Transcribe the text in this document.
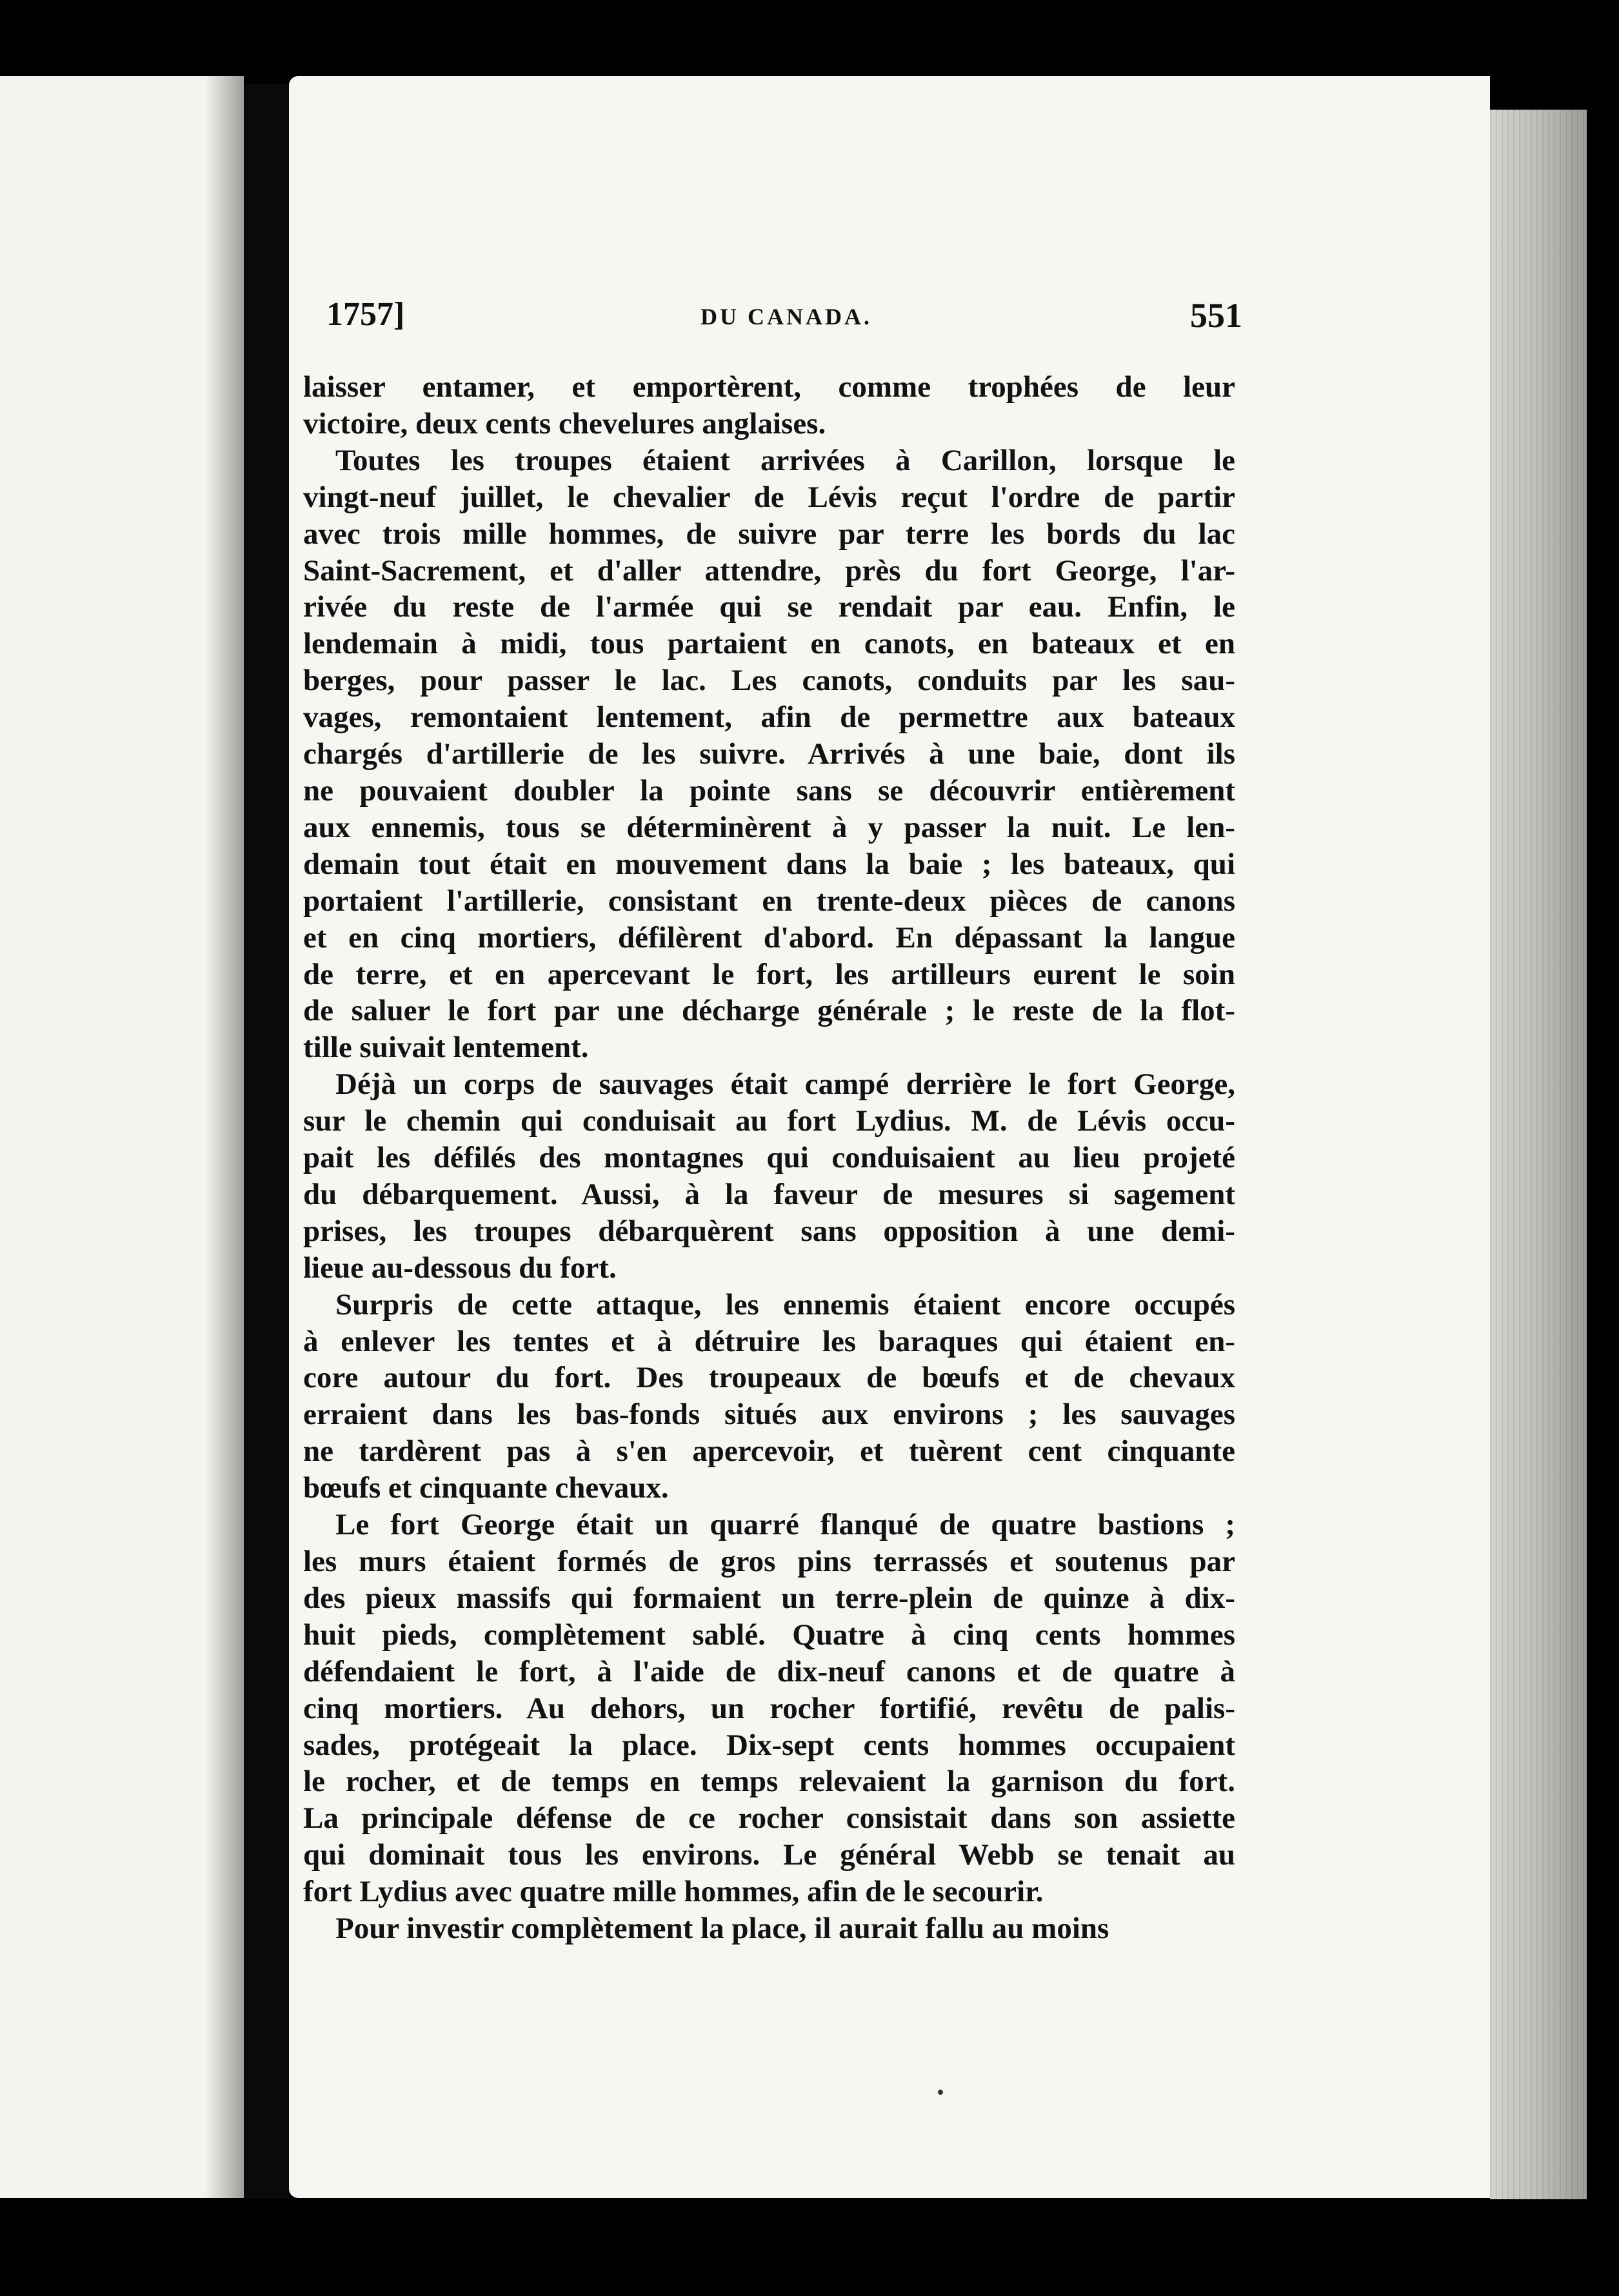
1757]	DU CANADA.	551
laisser entamer, et emportèrent, comme trophées de leur
victoire, deux cents chevelures anglaises.
Toutes les troupes étaient arrivées à Carillon, lorsque le
vingt-neuf juillet, le chevalier de Lévis reçut l'ordre de partir
avec trois mille hommes, de suivre par terre les bords du lac
Saint-Sacrement, et d'aller attendre, près du fort George, l'ar-
rivée du reste de l'armée qui se rendait par eau. Enfin, le
lendemain à midi, tous partaient en canots, en bateaux et en
berges, pour passer le lac. Les canots, conduits par les sau-
vages, remontaient lentement, afin de permettre aux bateaux
chargés d'artillerie de les suivre. Arrivés à une baie, dont ils
ne pouvaient doubler la pointe sans se découvrir entièrement
aux ennemis, tous se déterminèrent à y passer la nuit. Le len-
demain tout était en mouvement dans la baie ; les bateaux, qui
portaient l'artillerie, consistant en trente-deux pièces de canons
et en cinq mortiers, défilèrent d'abord. En dépassant la langue
de terre, et en apercevant le fort, les artilleurs eurent le soin
de saluer le fort par une décharge générale ; le reste de la flot-
tille suivait lentement.
Déjà un corps de sauvages était campé derrière le fort George,
sur le chemin qui conduisait au fort Lydius. M. de Lévis occu-
pait les défilés des montagnes qui conduisaient au lieu projeté
du débarquement. Aussi, à la faveur de mesures si sagement
prises, les troupes débarquèrent sans opposition à une demi-
lieue au-dessous du fort.
Surpris de cette attaque, les ennemis étaient encore occupés
à enlever les tentes et à détruire les baraques qui étaient en-
core autour du fort. Des troupeaux de bœufs et de chevaux
erraient dans les bas-fonds situés aux environs ; les sauvages
ne tardèrent pas à s'en apercevoir, et tuèrent cent cinquante
bœufs et cinquante chevaux.
Le fort George était un quarré flanqué de quatre bastions ;
les murs étaient formés de gros pins terrassés et soutenus par
des pieux massifs qui formaient un terre-plein de quinze à dix-
huit pieds, complètement sablé. Quatre à cinq cents hommes
défendaient le fort, à l'aide de dix-neuf canons et de quatre à
cinq mortiers. Au dehors, un rocher fortifié, revêtu de palis-
sades, protégeait la place. Dix-sept cents hommes occupaient
le rocher, et de temps en temps relevaient la garnison du fort.
La principale défense de ce rocher consistait dans son assiette
qui dominait tous les environs. Le général Webb se tenait au
fort Lydius avec quatre mille hommes, afin de le secourir.
Pour investir complètement la place, il aurait fallu au moins
